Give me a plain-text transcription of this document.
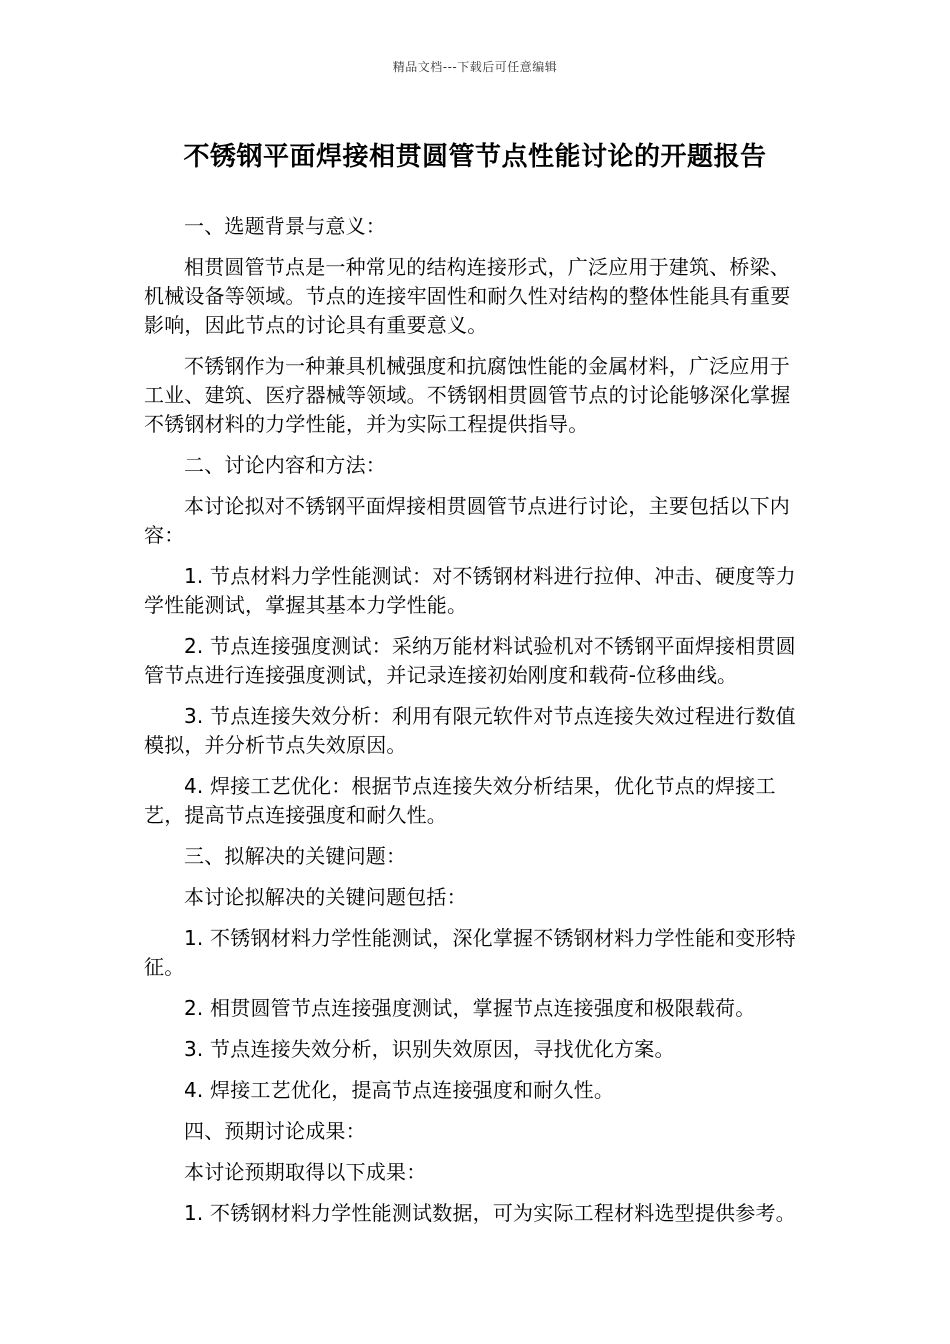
精品文档---下载后可任意编辑
不锈钢平面焊接相贯圆管节点性能讨论的开题报告

一、选题背景与意义：

相贯圆管节点是一种常见的结构连接形式，广泛应用于建筑、桥梁、机械设备等领域。节点的连接牢固性和耐久性对结构的整体性能具有重要影响，因此节点的讨论具有重要意义。

不锈钢作为一种兼具机械强度和抗腐蚀性能的金属材料，广泛应用于工业、建筑、医疗器械等领域。不锈钢相贯圆管节点的讨论能够深化掌握不锈钢材料的力学性能，并为实际工程提供指导。

二、讨论内容和方法：

本讨论拟对不锈钢平面焊接相贯圆管节点进行讨论，主要包括以下内容：

1. 节点材料力学性能测试：对不锈钢材料进行拉伸、冲击、硬度等力学性能测试，掌握其基本力学性能。

2. 节点连接强度测试：采纳万能材料试验机对不锈钢平面焊接相贯圆管节点进行连接强度测试，并记录连接初始刚度和载荷-位移曲线。

3. 节点连接失效分析：利用有限元软件对节点连接失效过程进行数值模拟，并分析节点失效原因。

4. 焊接工艺优化：根据节点连接失效分析结果，优化节点的焊接工艺，提高节点连接强度和耐久性。

三、拟解决的关键问题：

本讨论拟解决的关键问题包括：

1. 不锈钢材料力学性能测试，深化掌握不锈钢材料力学性能和变形特征。

2. 相贯圆管节点连接强度测试，掌握节点连接强度和极限载荷。

3. 节点连接失效分析，识别失效原因，寻找优化方案。

4. 焊接工艺优化，提高节点连接强度和耐久性。

四、预期讨论成果：

本讨论预期取得以下成果：

1. 不锈钢材料力学性能测试数据，可为实际工程材料选型提供参考。
